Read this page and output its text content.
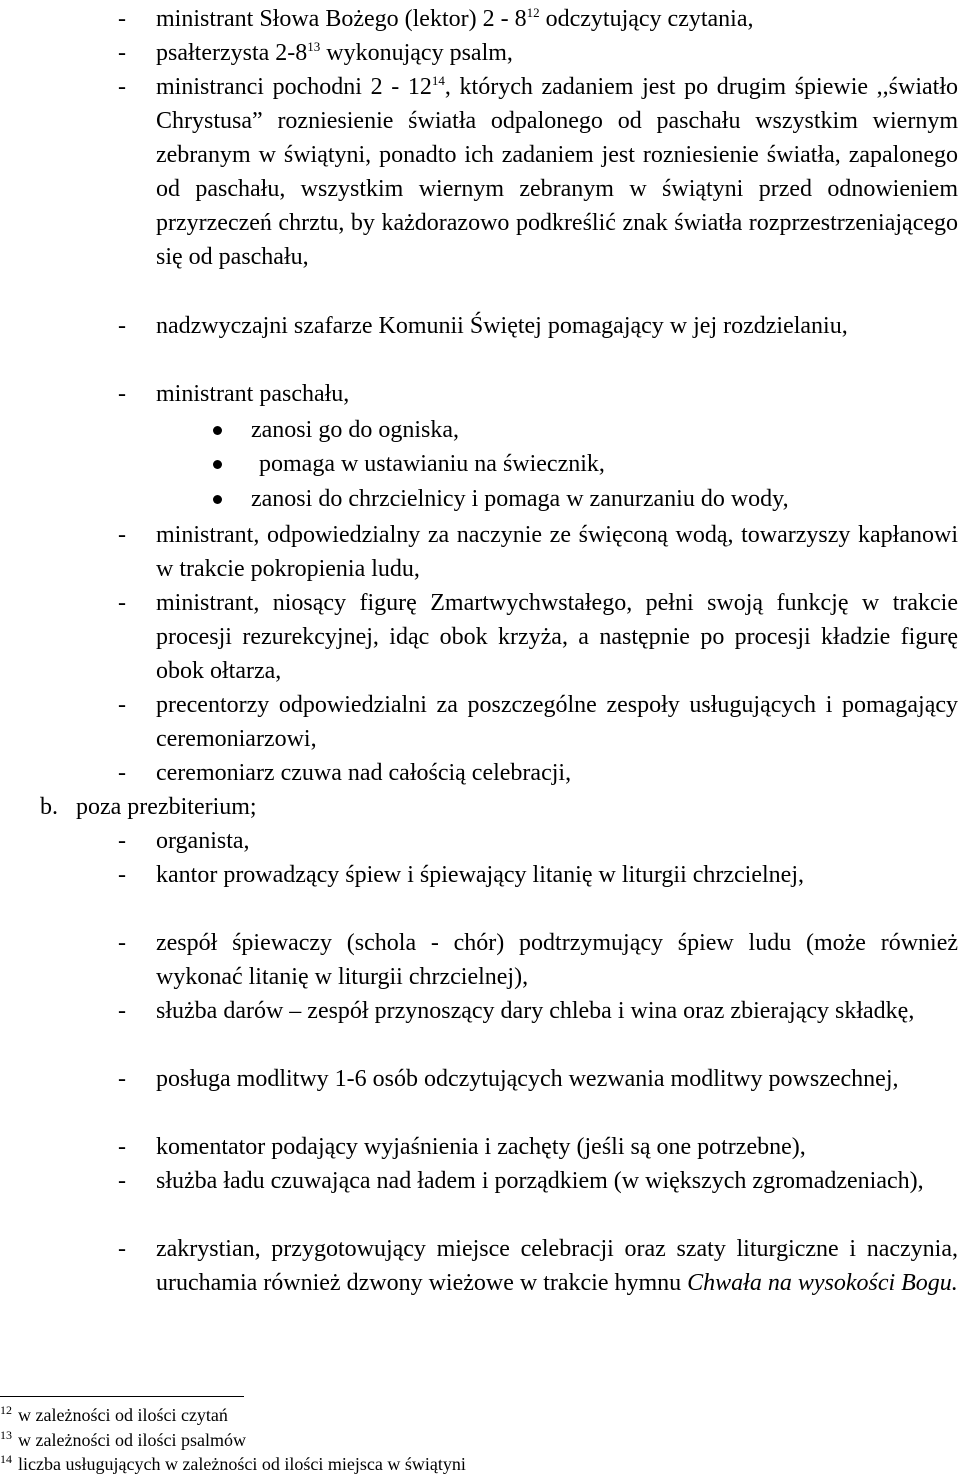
- ministrant Słowa Bożego (lektor) $2 - 8^{12}$ odczytujący czytania,
- psałterzysta $2-8^{13}$ wykonujący psalm,
- ministranci pochodni $2 - 12^{14}$, których zadaniem jest po drugim śpiewie ,,światło Chrystusa” rozniesienie światła odpalonego od paschału wszystkim wiernym zebranym w świątyni, ponadto ich zadaniem jest rozniesienie światła, zapalonego od paschału, wszystkim wiernym zebranym w świątyni przed odnowieniem przyrzeczeń chrztu, by każdorazowo podkreślić znak światła rozprzestrzeniającego się od paschału,
- nadzwyczajni szafarze Komunii Świętej pomagający w jej rozdzielaniu,
- ministrant paschału,
zanosi go do ogniska,
pomaga w ustawianiu na świecznik,
zanosi do chrzcielnicy i pomaga w zanurzaniu do wody,
- ministrant, odpowiedzialny za naczynie ze święconą wodą, towarzyszy kapłanowi w trakcie pokropienia ludu,
- ministrant, niosący figurę Zmartwychwstałego, pełni swoją funkcję w trakcie procesji rezurekcyjnej, idąc obok krzyża, a następnie po procesji kładzie figurę obok ołtarza,
- precentorzy odpowiedzialni za poszczególne zespoły usługujących i pomagający ceremoniarzowi,
- ceremoniarz czuwa nad całością celebracji,
b. poza prezbiterium;
- organista,
- kantor prowadzący śpiew i śpiewający litanię w liturgii chrzcielnej,
- zespół śpiewaczy (schola - chór) podtrzymujący śpiew ludu (może również wykonać litanię w liturgii chrzcielnej),
- służba darów – zespół przynoszący dary chleba i wina oraz zbierający składkę,
- posługa modlitwy 1-6 osób odczytujących wezwania modlitwy powszechnej,
- komentator podający wyjaśnienia i zachęty (jeśli są one potrzebne),
- służba ładu czuwająca nad ładem i porządkiem (w większych zgromadzeniach),
- zakrystian, przygotowujący miejsce celebracji oraz szaty liturgiczne i naczynia, uruchamia również dzwony wieżowe w trakcie hymnu Chwała na wysokości Bogu.
$^{12}$ w zależności od ilości czytań
$^{13}$ w zależności od ilości psalmów
$^{14}$ liczba usługujących w zależności od ilości miejsca w świątyni
